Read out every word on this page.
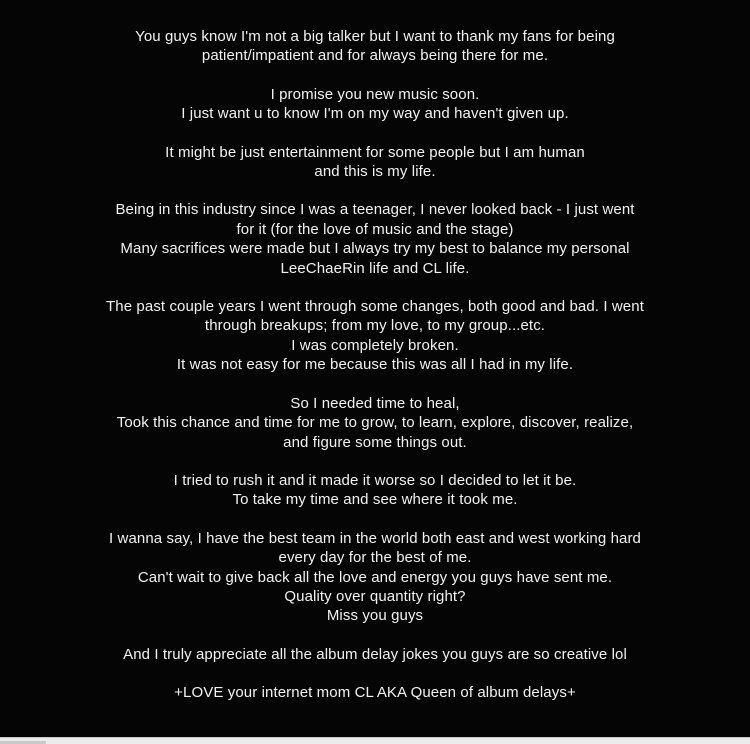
You guys know I'm not a big talker but I want to thank my fans for being
patient/impatient and for always being there for me.
I promise you new music soon.
I just want u to know I'm on my way and haven't given up.
It might be just entertainment for some people but I am human
and this is my life.
Being in this industry since I was a teenager, I never looked back - I just went
for it (for the love of music and the stage)
Many sacrifices were made but I always try my best to balance my personal
LeeChaeRin life and CL life.
The past couple years I went through some changes, both good and bad. I went
through breakups; from my love, to my group...etc.
I was completely broken.
It was not easy for me because this was all I had in my life.
So I needed time to heal,
Took this chance and time for me to grow, to learn, explore, discover, realize,
and figure some things out.
I tried to rush it and it made it worse so I decided to let it be.
To take my time and see where it took me.
I wanna say, I have the best team in the world both east and west working hard
every day for the best of me.
Can't wait to give back all the love and energy you guys have sent me.
Quality over quantity right?
Miss you guys
And I truly appreciate all the album delay jokes you guys are so creative lol
+LOVE your internet mom CL AKA Queen of album delays+
